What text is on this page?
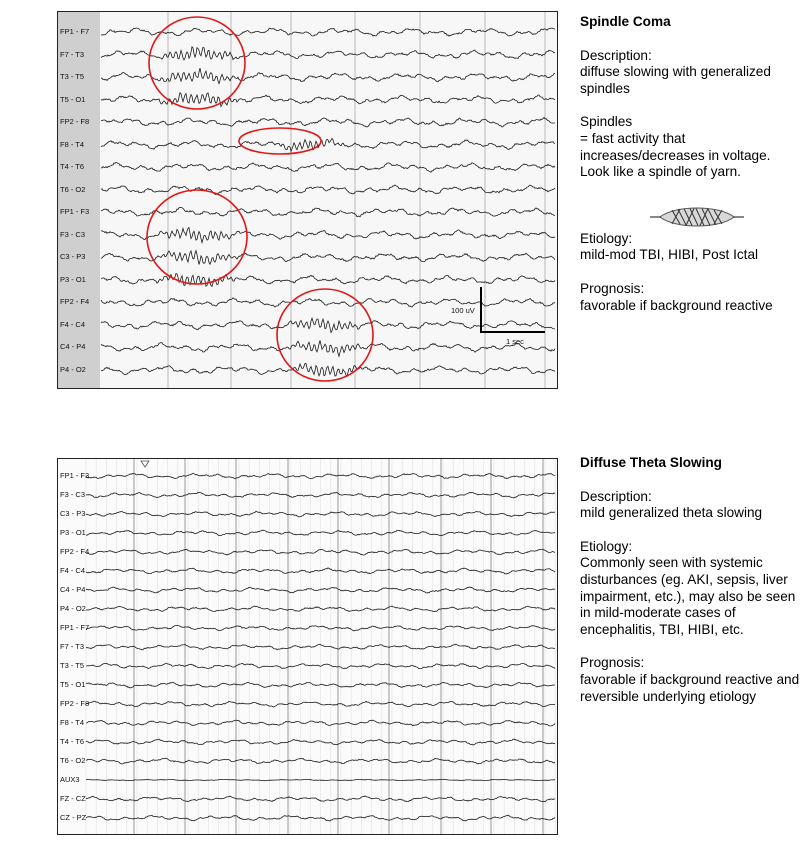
FP1 - F7
F7 - T3
T3 - T5
T5 - O1
FP2 - F8
F8 - T4
T4 - T6
T6 - O2
FP1 - F3
F3 - C3
C3 - P3
P3 - O1
FP2 - F4
F4 - C4
C4 - P4
P4 - O2
100 uV
1 sec
FP1 - F3
F3 - C3
C3 - P3
P3 - O1
FP2 - F4
F4 - C4
C4 - P4
P4 - O2
FP1 - F7
F7 - T3
T3 - T5
T5 - O1
FP2 - F8
F8 - T4
T4 - T6
T6 - O2
AUX3
FZ - CZ
CZ - PZ

Spindle Coma

Description:

diffuse slowing with generalized spindles

Spindles

= fast activity that increases/decreases in voltage. Look like a spindle of yarn.

Etiology:

mild-mod TBI, HIBI, Post Ictal

Prognosis:

favorable if background reactive

Diffuse Theta Slowing

Description:

mild generalized theta slowing

Etiology:

Commonly seen with systemic disturbances (eg. AKI, sepsis, liver impairment, etc.), may also be seen in mild-moderate cases of encephalitis, TBI, HIBI, etc.

Prognosis:

favorable if background reactive and reversible underlying etiology
